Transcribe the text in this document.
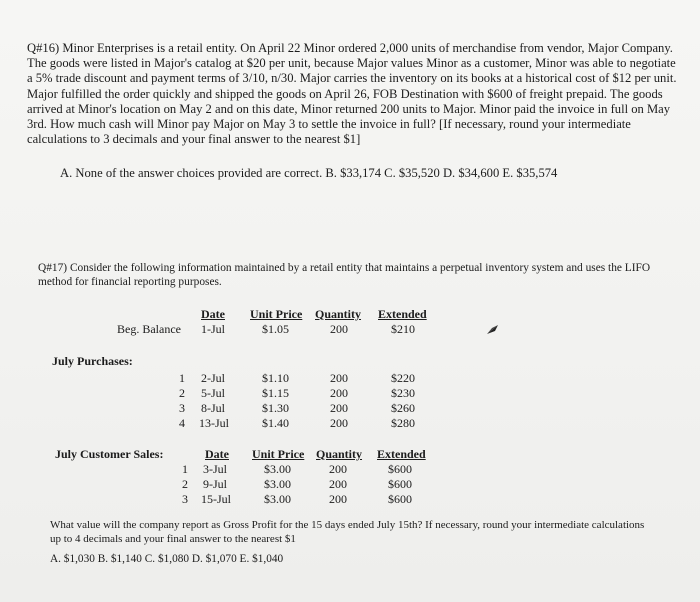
Q#16) Minor Enterprises is a retail entity. On April 22 Minor ordered 2,000 units of merchandise from vendor, Major Company. The goods were listed in Major's catalog at $20 per unit, because Major values Minor as a customer, Minor was able to negotiate a 5% trade discount and payment terms of 3/10, n/30. Major carries the inventory on its books at a historical cost of $12 per unit. Major fulfilled the order quickly and shipped the goods on April 26, FOB Destination with $600 of freight prepaid. The goods arrived at Minor's location on May 2 and on this date, Minor returned 200 units to Major. Minor paid the invoice in full on May 3rd. How much cash will Minor pay Major on May 3 to settle the invoice in full? [If necessary, round your intermediate calculations to 3 decimals and your final answer to the nearest $1]
A. None of the answer choices provided are correct. B. $33,174 C. $35,520 D. $34,600 E. $35,574
Q#17) Consider the following information maintained by a retail entity that maintains a perpetual inventory system and uses the LIFO method for financial reporting purposes.
Date Unit Price Quantity Extended
Beg. Balance 1-Jul	$1.05	200	$210
July Purchases:
1 2-Jul	$1.10	200	$220
2 5-Jul	$1.15	200	$230
3 8-Jul	$1.30	200	$260
4 13-Jul	$1.40	200	$280
July Customer Sales:	Date Unit Price Quantity Extended
1 3-Jul	$3.00	200	$600
2 9-Jul	$3.00	200	$600
3 15-Jul	$3.00	200	$600
What value will the company report as Gross Profit for the 15 days ended July 15th? If necessary, round your intermediate calculations up to 4 decimals and your final answer to the nearest $1
A. $1,030 B. $1,140 C. $1,080 D. $1,070 E. $1,040
